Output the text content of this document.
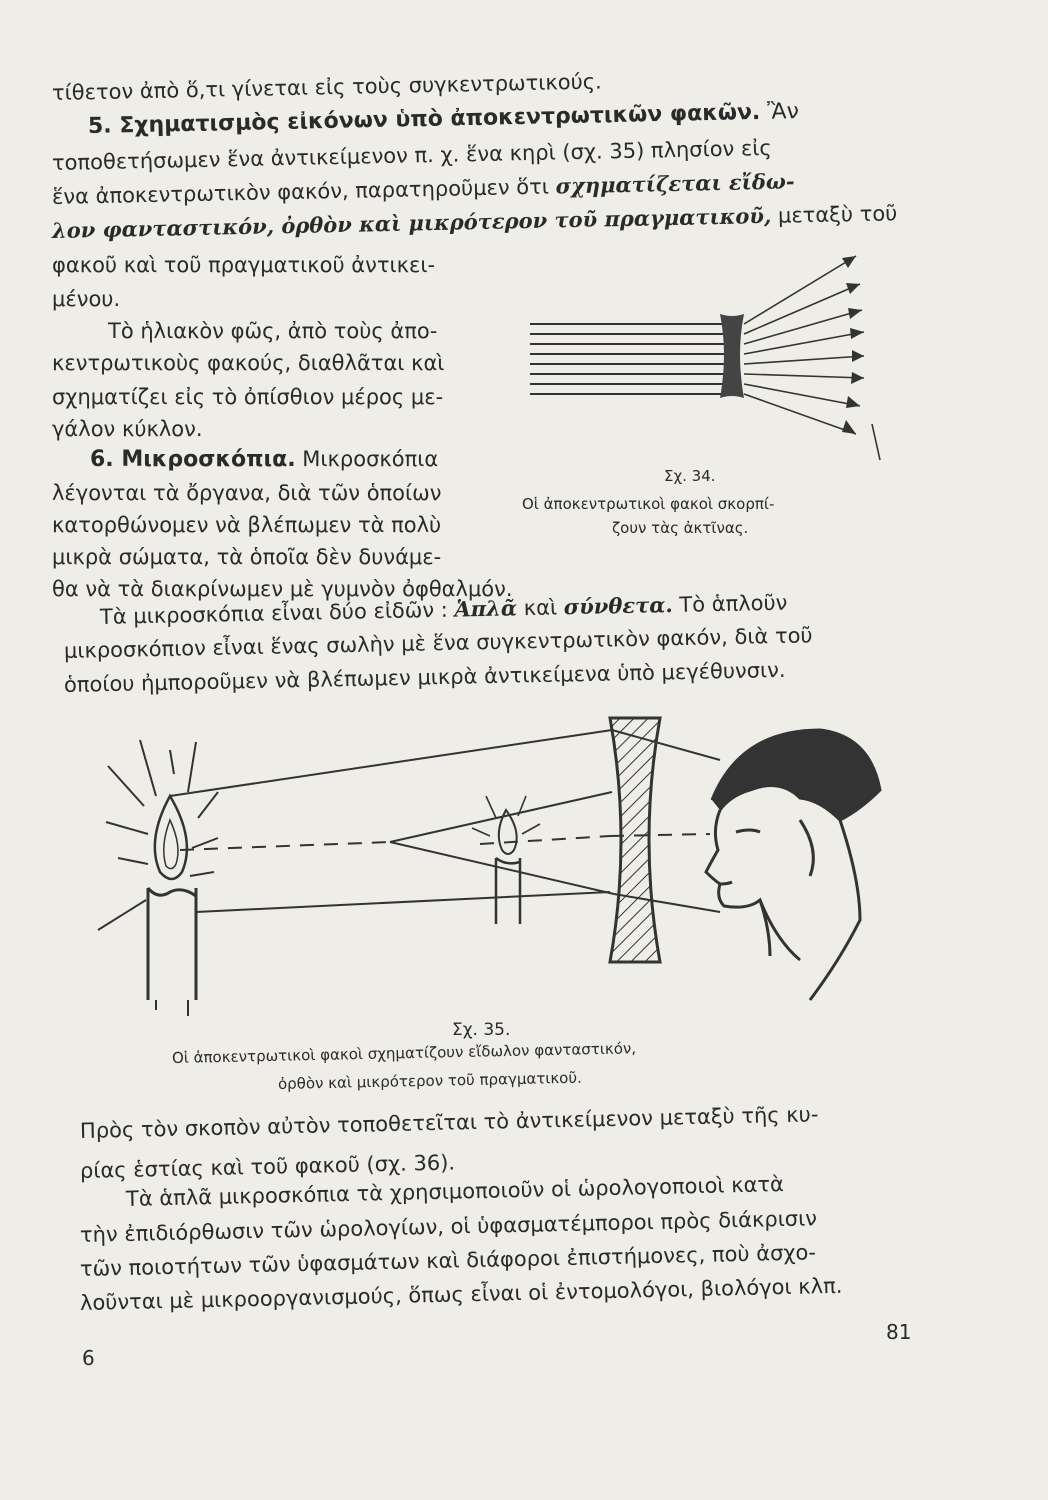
τίθετον ἀπὸ ὅ,τι γίνεται εἰς τοὺς συγκεντρωτικούς.
5. Σχηματισμὸς εἰκόνων ὑπὸ ἀποκεντρωτικῶν φακῶν. Ἂν
τοποθετήσωμεν ἕνα ἀντικείμενον π. χ. ἕνα κηρὶ (σχ. 35) πλησίον εἰς
ἕνα ἀποκεντρωτικὸν φακόν, παρατηροῦμεν ὅτι σχηματίζεται εἴδω-
λον φανταστικόν, ὀρθὸν καὶ μικρότερον τοῦ πραγματικοῦ, μεταξὺ τοῦ
φακοῦ καὶ τοῦ πραγματικοῦ ἀντικει-
μένου.
Τὸ ἡλιακὸν φῶς, ἀπὸ τοὺς ἀπο-
κεντρωτικοὺς φακούς, διαθλᾶται καὶ
σχηματίζει εἰς τὸ ὀπίσθιον μέρος με-
γάλον κύκλον.
6. Μικροσκόπια. Μικροσκόπια
λέγονται τὰ ὄργανα, διὰ τῶν ὁποίων
κατορθώνομεν νὰ βλέπωμεν τὰ πολὺ
μικρὰ σώματα, τὰ ὁποῖα δὲν δυνάμε-
θα νὰ τὰ διακρίνωμεν μὲ γυμνὸν ὀφθαλμόν.
Τὰ μικροσκόπια εἶναι δύο εἰδῶν : Ἁπλᾶ καὶ σύνθετα. Τὸ ἁπλοῦν
μικροσκόπιον εἶναι ἕνας σωλὴν μὲ ἕνα συγκεντρωτικὸν φακόν, διὰ τοῦ
ὁποίου ἠμποροῦμεν νὰ βλέπωμεν μικρὰ ἀντικείμενα ὑπὸ μεγέθυνσιν.
Σχ. 34.
Οἱ ἀποκεντρωτικοὶ φακοὶ σκορπί-
ζουν τὰς ἀκτῖνας.
Σχ. 35.
Οἱ ἀποκεντρωτικοὶ φακοὶ σχηματίζουν εἴδωλον φανταστικόν,
ὀρθὸν καὶ μικρότερον τοῦ πραγματικοῦ.
Πρὸς τὸν σκοπὸν αὐτὸν τοποθετεῖται τὸ ἀντικείμενον μεταξὺ τῆς κυ-
ρίας ἑστίας καὶ τοῦ φακοῦ (σχ. 36).
Τὰ ἁπλᾶ μικροσκόπια τὰ χρησιμοποιοῦν οἱ ὡρολογοποιοὶ κατὰ
τὴν ἐπιδιόρθωσιν τῶν ὡρολογίων, οἱ ὑφασματέμποροι πρὸς διάκρισιν
τῶν ποιοτήτων τῶν ὑφασμάτων καὶ διάφοροι ἐπιστήμονες, ποὺ ἀσχο-
λοῦνται μὲ μικροοργανισμούς, ὅπως εἶναι οἱ ἐντομολόγοι, βιολόγοι κλπ.
6
81
